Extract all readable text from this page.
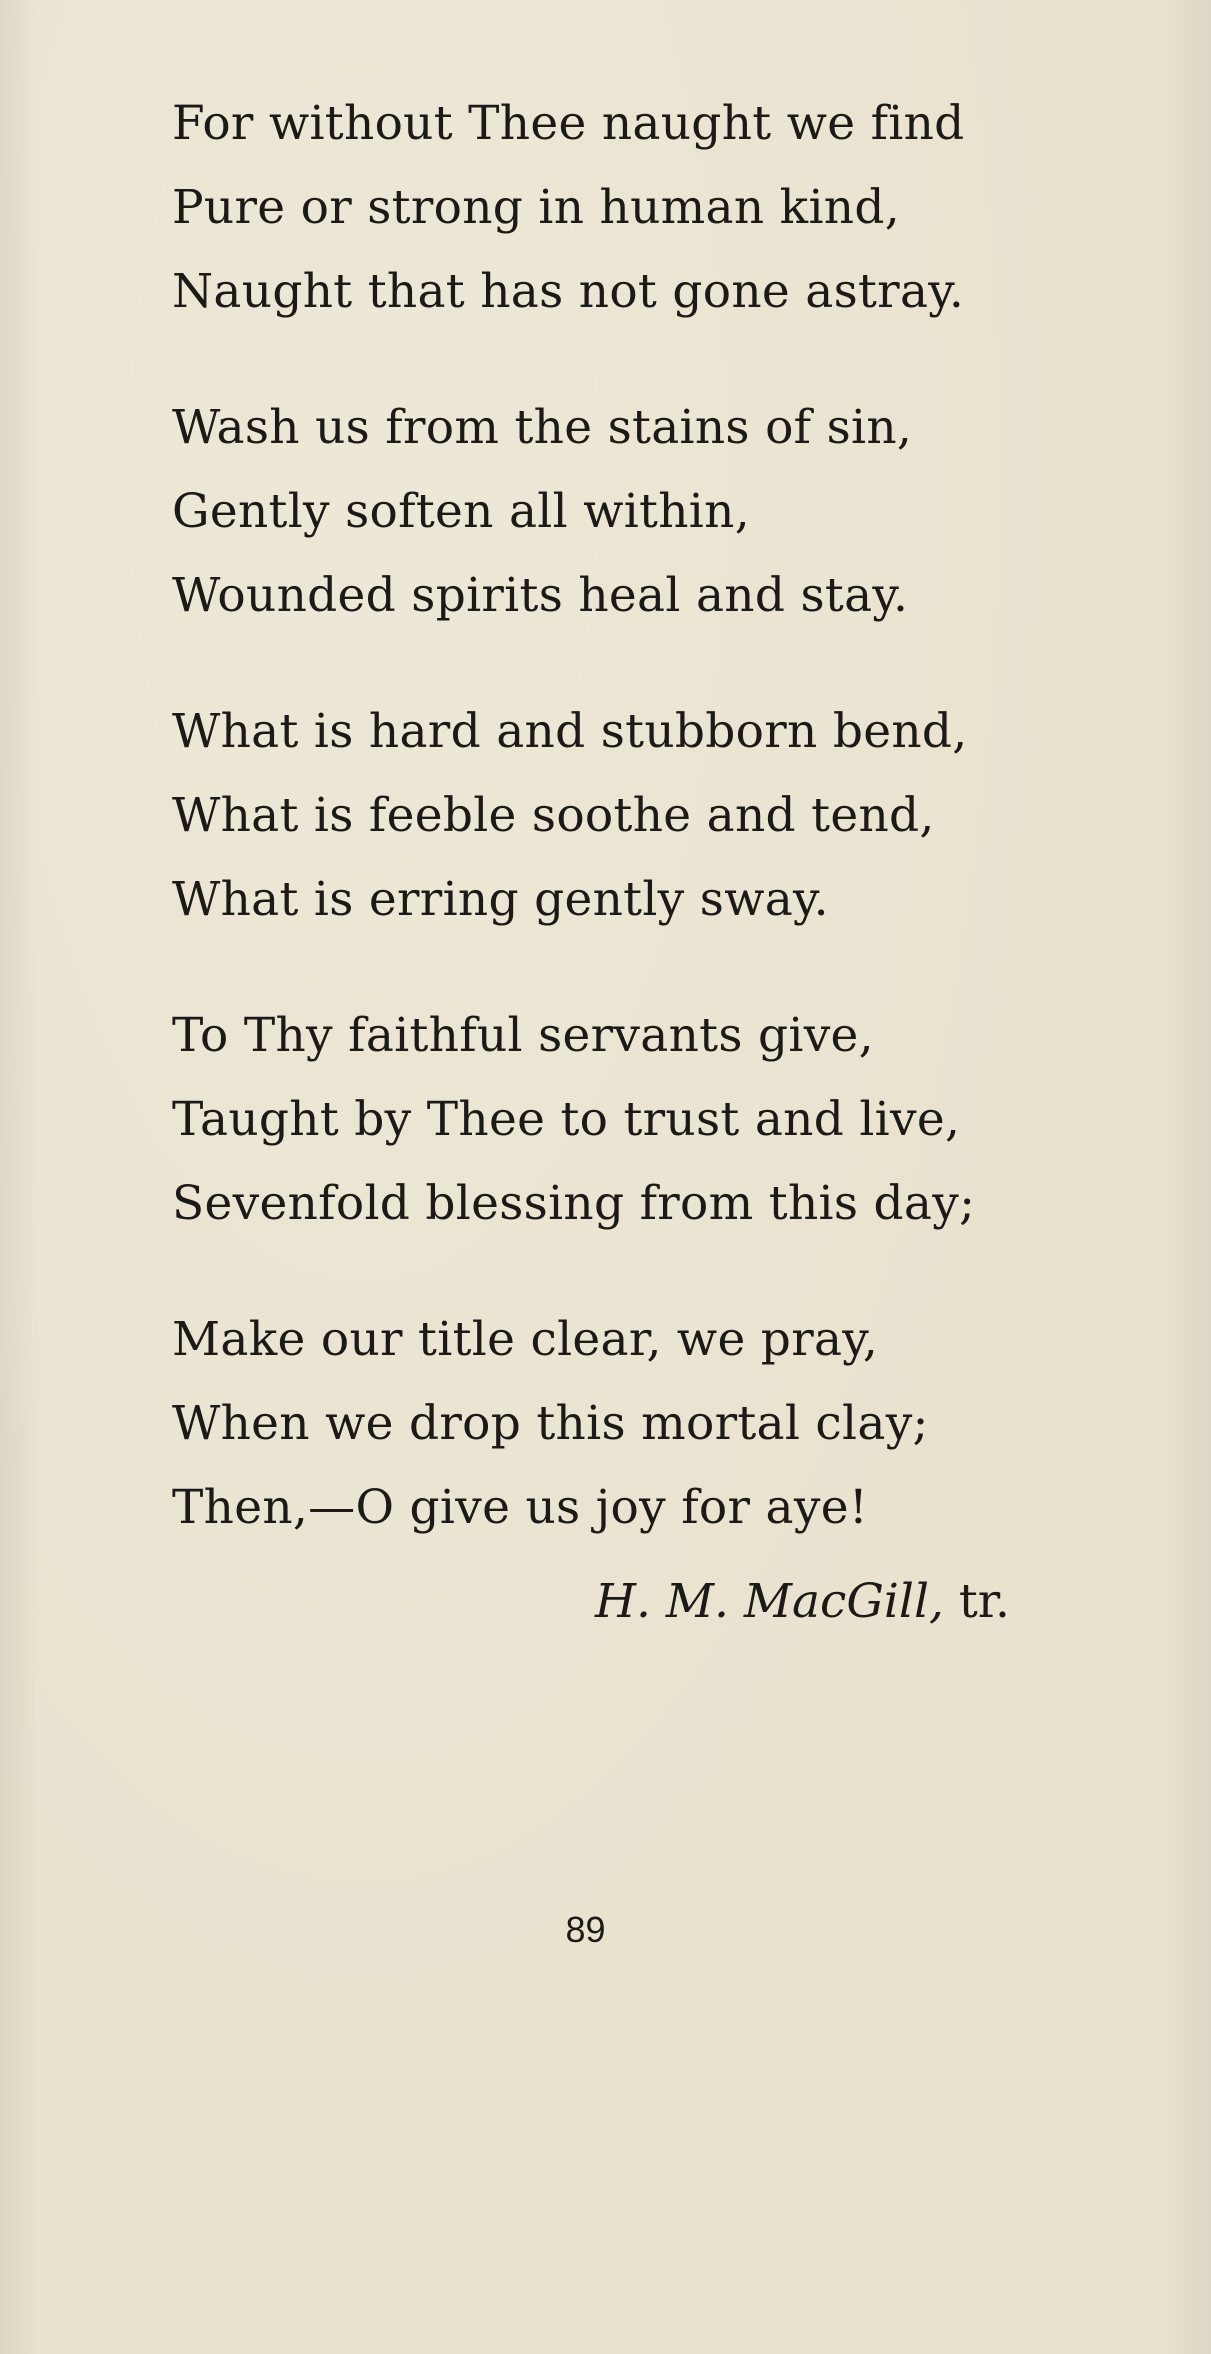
For without Thee naught we find
Pure or strong in human kind,
Naught that has not gone astray.
Wash us from the stains of sin,
Gently soften all within,
Wounded spirits heal and stay.
What is hard and stubborn bend,
What is feeble soothe and tend,
What is erring gently sway.
To Thy faithful servants give,
Taught by Thee to trust and live,
Sevenfold blessing from this day;
Make our title clear, we pray,
When we drop this mortal clay;
Then,—O give us joy for aye!
H. M. MacGill, tr.
89
